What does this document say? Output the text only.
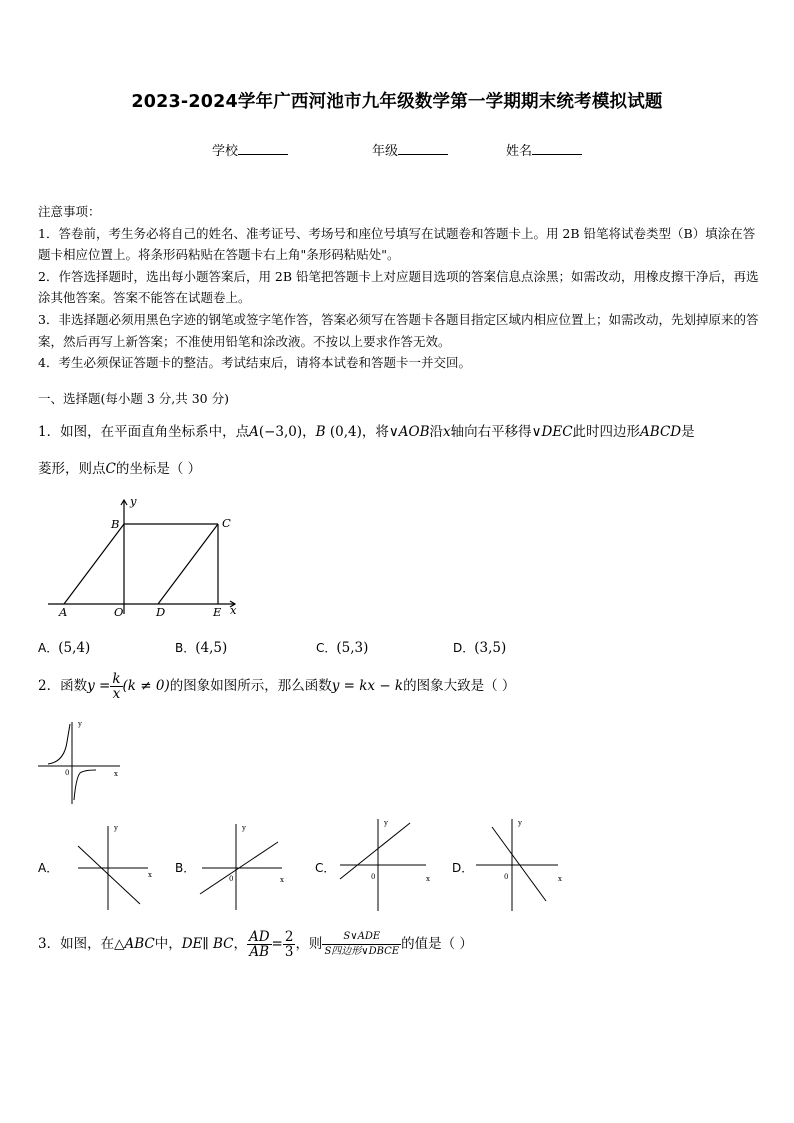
2023-2024学年广西河池市九年级数学第一学期期末统考模拟试题
学校	年级	姓名

注意事项：

1．答卷前，考生务必将自己的姓名、准考证号、考场号和座位号填写在试题卷和答题卡上。用 2B 铅笔将试卷类型（B）填涂在答题卡相应位置上。将条形码粘贴在答题卡右上角"条形码粘贴处"。

2．作答选择题时，选出每小题答案后，用 2B 铅笔把答题卡上对应题目选项的答案信息点涂黑；如需改动，用橡皮擦干净后，再选涂其他答案。答案不能答在试题卷上。

3．非选择题必须用黑色字迹的钢笔或签字笔作答，答案必须写在答题卡各题目指定区域内相应位置上；如需改动，先划掉原来的答案，然后再写上新答案；不准使用铅笔和涂改液。不按以上要求作答无效。

4．考生必须保证答题卡的整洁。考试结束后，请将本试卷和答题卡一并交回。

一、选择题(每小题 3 分,共 30 分)
1．如图，在平面直角坐标系中，点A(−3,0)，B (0,4)，将∨AOB沿x轴向右平移得∨DEC此时四边形ABCD是
菱形，则点C的坐标是（ ）
y
x
A	O	D	E
B	C
A．(5,4)	B．(4,5)	C．(5,3)	D．(3,5)
2．函数$y = \frac{k}{x} (k \ne 0)$的图象如图所示，那么函数y = kx − k的图象大致是（ ）
y
x
0
A．
y
x B．
y
x
0
C．
y
x
0
D．
y
x
0
3．如图，在△ABC中，DE∥ BC， $\frac{AD}{AB} = \frac{2}{3}$ ，则 $\frac{\text{S∨ADE}}{\text{S四边形∨DBCE}}$ 的值是（ ）
